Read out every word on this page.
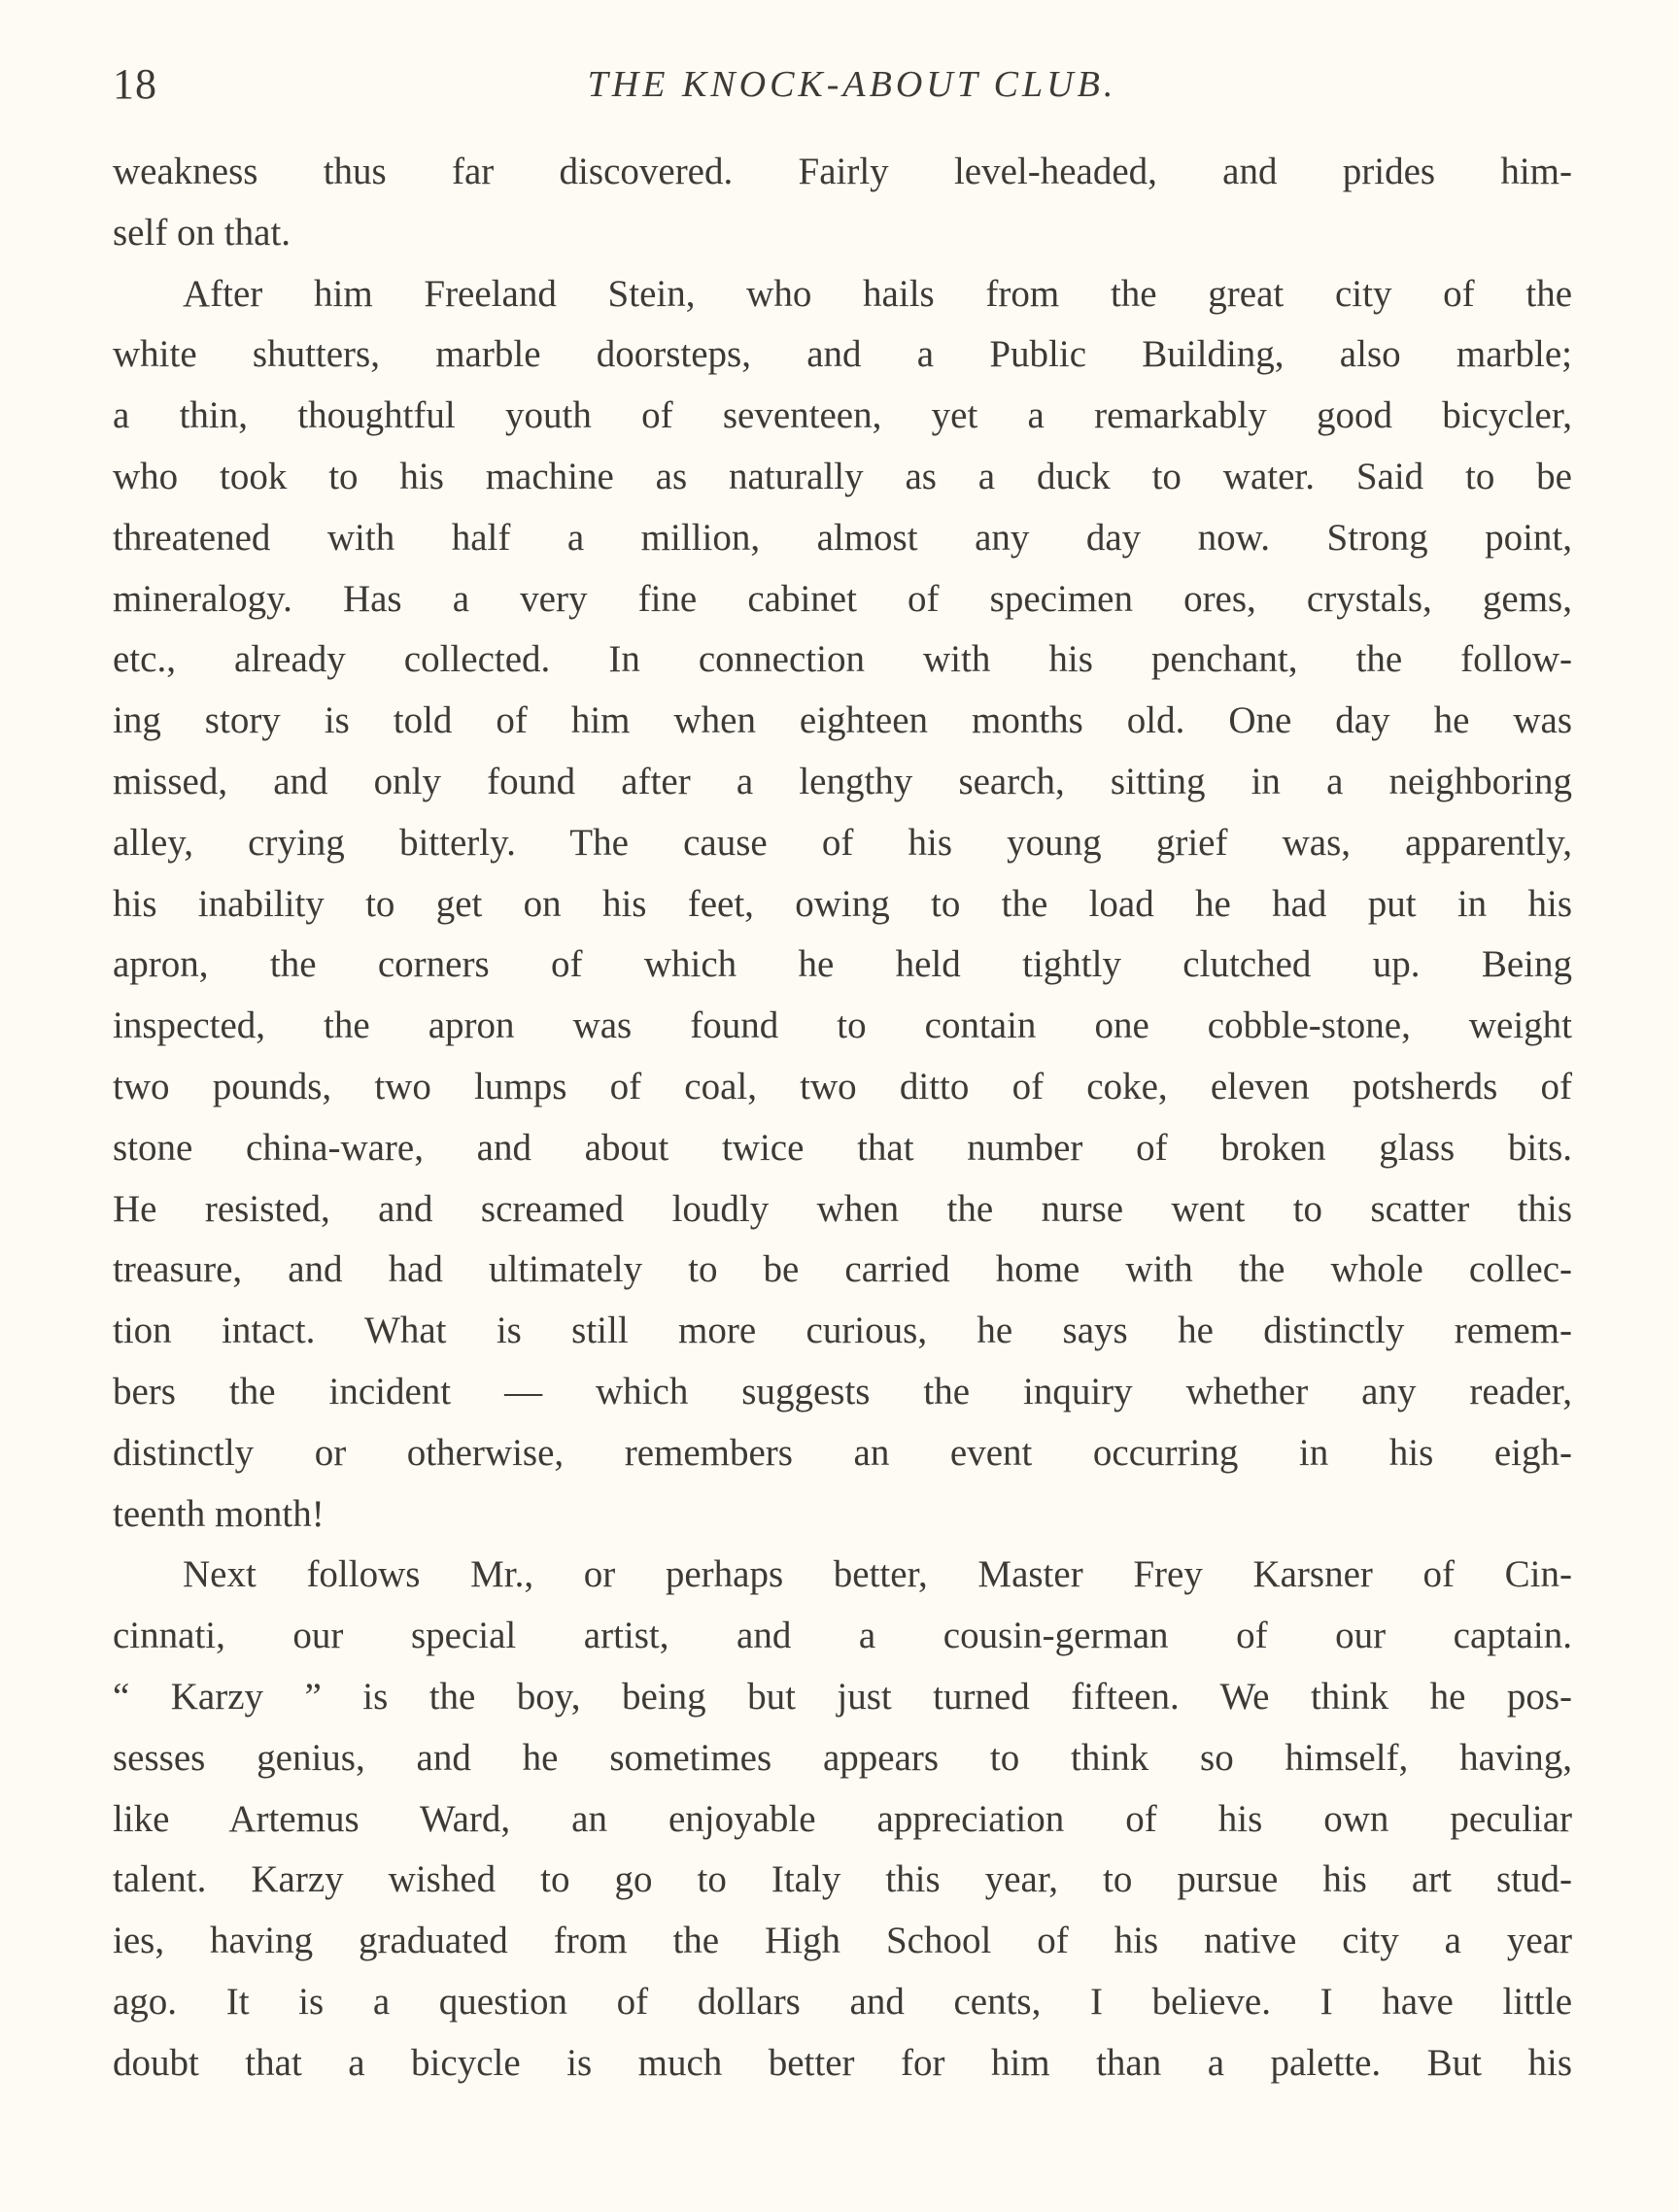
18	THE KNOCK-ABOUT CLUB.
weakness thus far discovered. Fairly level-headed, and prides him-
self on that.
After him Freeland Stein, who hails from the great city of the
white shutters, marble doorsteps, and a Public Building, also marble;
a thin, thoughtful youth of seventeen, yet a remarkably good bicycler,
who took to his machine as naturally as a duck to water. Said to be
threatened with half a million, almost any day now. Strong point,
mineralogy. Has a very fine cabinet of specimen ores, crystals, gems,
etc., already collected. In connection with his penchant, the follow-
ing story is told of him when eighteen months old. One day he was
missed, and only found after a lengthy search, sitting in a neighboring
alley, crying bitterly. The cause of his young grief was, apparently,
his inability to get on his feet, owing to the load he had put in his
apron, the corners of which he held tightly clutched up. Being
inspected, the apron was found to contain one cobble-stone, weight
two pounds, two lumps of coal, two ditto of coke, eleven potsherds of
stone china-ware, and about twice that number of broken glass bits.
He resisted, and screamed loudly when the nurse went to scatter this
treasure, and had ultimately to be carried home with the whole collec-
tion intact. What is still more curious, he says he distinctly remem-
bers the incident — which suggests the inquiry whether any reader,
distinctly or otherwise, remembers an event occurring in his eigh-
teenth month!
Next follows Mr., or perhaps better, Master Frey Karsner of Cin-
cinnati, our special artist, and a cousin-german of our captain.
“ Karzy ” is the boy, being but just turned fifteen. We think he pos-
sesses genius, and he sometimes appears to think so himself, having,
like Artemus Ward, an enjoyable appreciation of his own peculiar
talent. Karzy wished to go to Italy this year, to pursue his art stud-
ies, having graduated from the High School of his native city a year
ago. It is a question of dollars and cents, I believe. I have little
doubt that a bicycle is much better for him than a palette. But his
